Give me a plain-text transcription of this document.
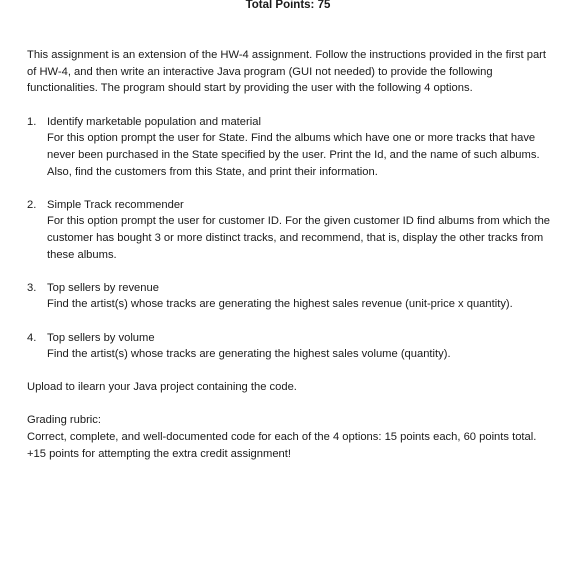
Total Points: 75

This assignment is an extension of the HW-4 assignment. Follow the instructions provided in the first part of HW-4, and then write an interactive Java program (GUI not needed) to provide the following functionalities. The program should start by providing the user with the following 4 options.

1. Identify marketable population and material
For this option prompt the user for State. Find the albums which have one or more tracks that have never been purchased in the State specified by the user. Print the Id, and the name of such albums. Also, find the customers from this State, and print their information.
2. Simple Track recommender
For this option prompt the user for customer ID. For the given customer ID find albums from which the customer has bought 3 or more distinct tracks, and recommend, that is, display the other tracks from these albums.
3. Top sellers by revenue
Find the artist(s) whose tracks are generating the highest sales revenue (unit-price x quantity).
4. Top sellers by volume
Find the artist(s) whose tracks are generating the highest sales volume (quantity).

Upload to ilearn your Java project containing the code.

Grading rubric:
Correct, complete, and well-documented code for each of the 4 options: 15 points each, 60 points total.
+15 points for attempting the extra credit assignment!
